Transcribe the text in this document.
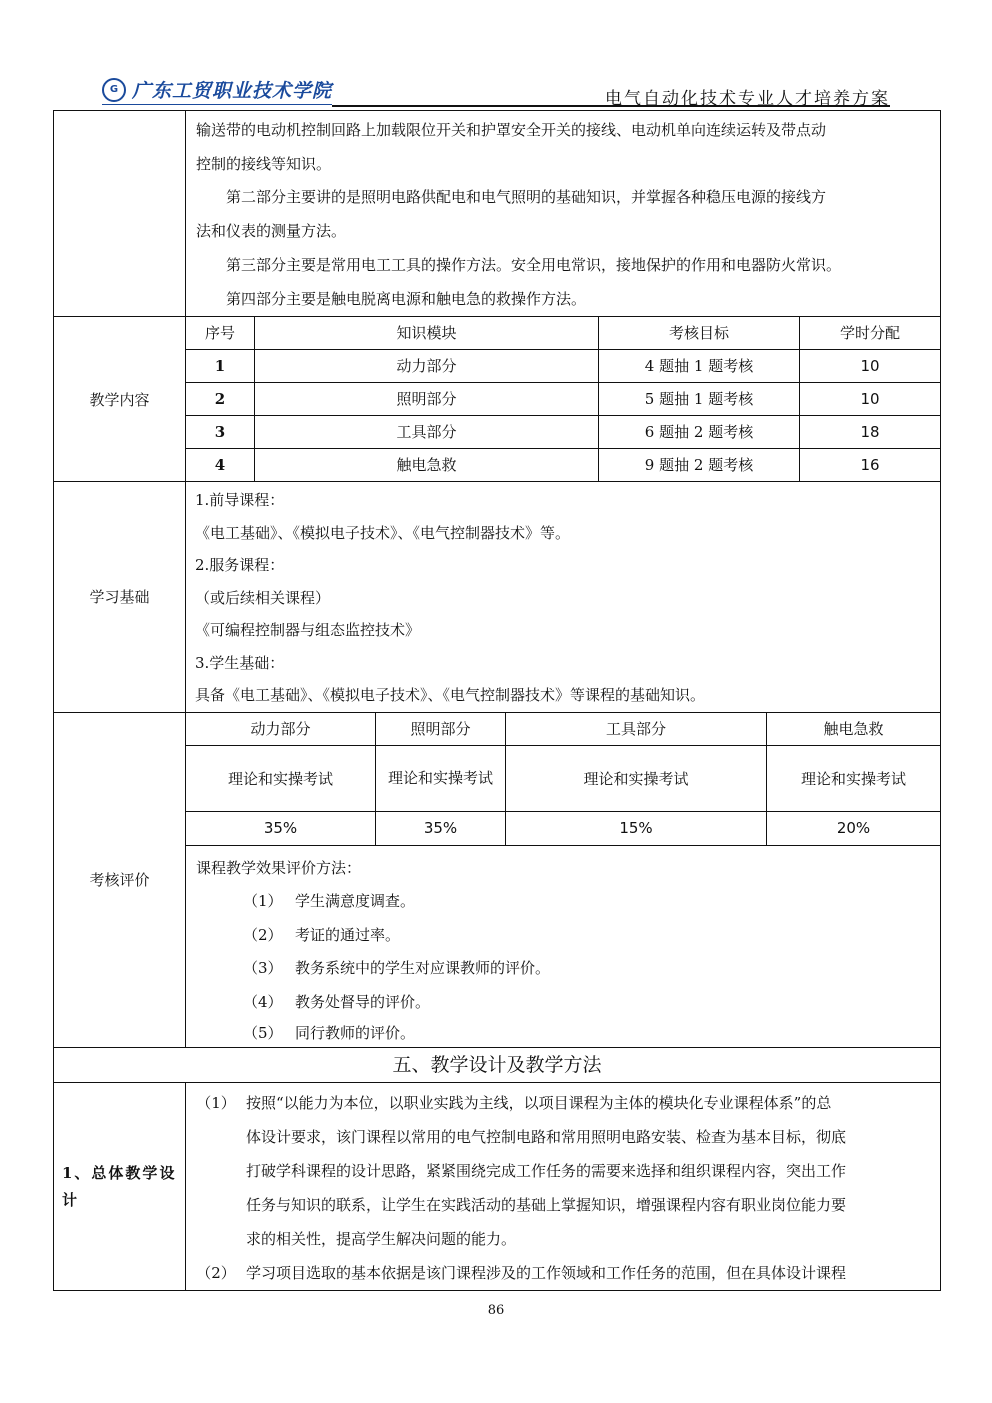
G 广东工贸职业技术学院	电气自动化技术专业人才培养方案

输送带的电动机控制回路上加载限位开关和护罩安全开关的接线、电动机单向连续运转及带点动
控制的接线等知识。
第二部分主要讲的是照明电路供配电和电气照明的基础知识，并掌握各种稳压电源的接线方
法和仪表的测量方法。
第三部分主要是常用电工工具的操作方法。安全用电常识，接地保护的作用和电器防火常识。
第四部分主要是触电脱离电源和触电急的救操作方法。

教学内容	
序号	知识模块	考核目标	学时分配
1	动力部分	4 题抽 1 题考核	10
2	照明部分	5 题抽 1 题考核	10
3	工具部分	6 题抽 2 题考核	18
4	触电急救	9 题抽 2 题考核	16

学习基础	
1.前导课程：
《电工基础》、《模拟电子技术》、《电气控制器技术》等。
2.服务课程：
（或后续相关课程）
《可编程控制器与组态监控技术》
3.学生基础：
具备《电工基础》、《模拟电子技术》、《电气控制器技术》等课程的基础知识。

考核评价	
动力部分	照明部分	工具部分	触电急救
理论和实操考试	理论和实操考试	理论和实操考试	理论和实操考试
35%	35%	15%	20%
课程教学效果评价方法：
（1） 学生满意度调查。
（2） 考证的通过率。
（3） 教务系统中的学生对应课教师的评价。
（4） 教务处督导的评价。
（5） 同行教师的评价。

五、教学设计及教学方法
1、总体教学设计	
（1） 按照“以能力为本位，以职业实践为主线，以项目课程为主体的模块化专业课程体系”的总
体设计要求，该门课程以常用的电气控制电路和常用照明电路安装、检查为基本目标，彻底
打破学科课程的设计思路，紧紧围绕完成工作任务的需要来选择和组织课程内容，突出工作
任务与知识的联系，让学生在实践活动的基础上掌握知识，增强课程内容有职业岗位能力要
求的相关性，提高学生解决问题的能力。
（2） 学习项目选取的基本依据是该门课程涉及的工作领域和工作任务的范围，但在具体设计课程
86
